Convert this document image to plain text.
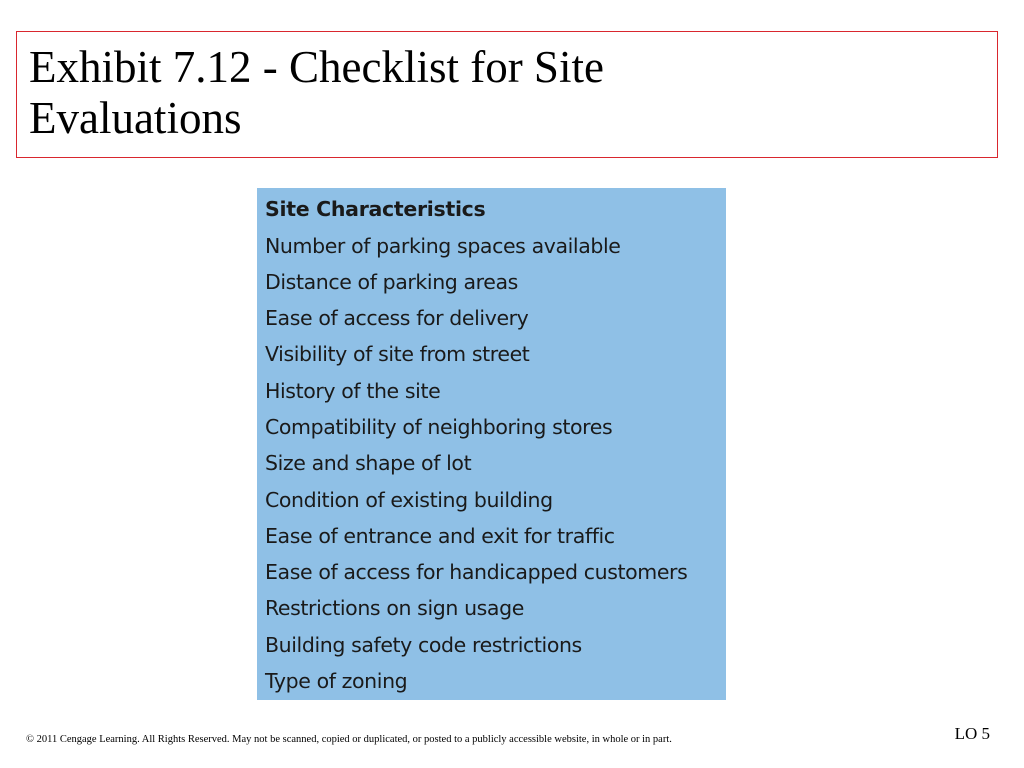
Exhibit 7.12 - Checklist for Site Evaluations
Site Characteristics
Number of parking spaces available
Distance of parking areas
Ease of access for delivery
Visibility of site from street
History of the site
Compatibility of neighboring stores
Size and shape of lot
Condition of existing building
Ease of entrance and exit for traffic
Ease of access for handicapped customers
Restrictions on sign usage
Building safety code restrictions
Type of zoning
© 2011 Cengage Learning. All Rights Reserved. May not be scanned, copied or duplicated, or posted to a publicly accessible website, in whole or in part.	LO 5
